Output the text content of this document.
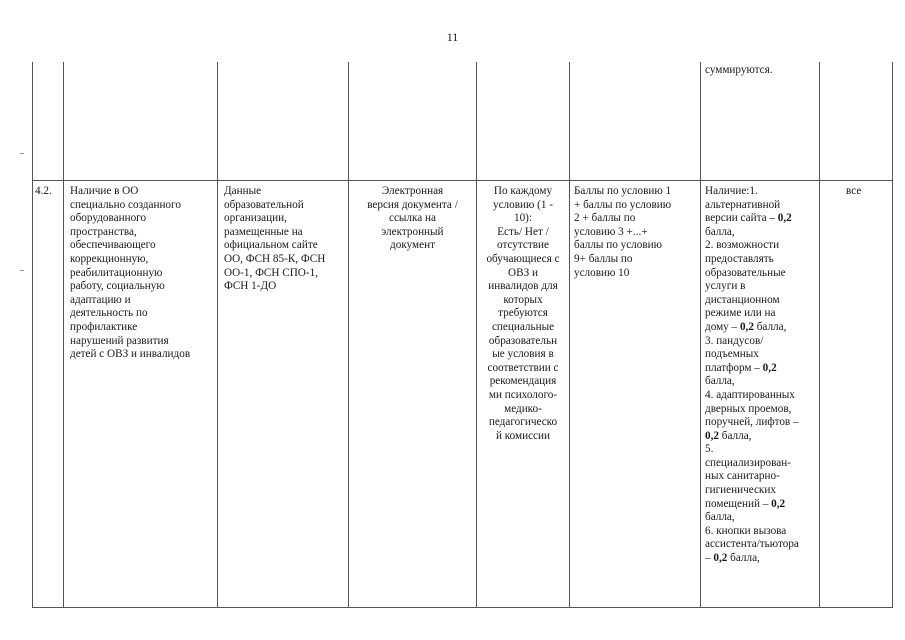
11
суммируются.
4.2.	Наличие в ОО
специально созданного
оборудованного
пространства,
обеспечивающего
коррекционную,
реабилитационную
работу, социальную
адаптацию и
деятельность по
профилактике
нарушений развития
детей с ОВЗ и инвалидов
Данные
образовательной
организации,
размещенные на
официальном сайте
ОО, ФСН 85-К, ФСН
ОО-1, ФСН СПО-1,
ФСН 1-ДО
Электронная
версия документа /
ссылка на
электронный
документ
По каждому
условию (1 -
10):
Есть/ Нет /
отсутствие
обучающиеся с
ОВЗ и
инвалидов для
которых
требуются
специальные
образовательн
ые условия в
соответствии с
рекомендация
ми психолого-
медико-
педагогическо
й комиссии
Баллы по условию 1
+ баллы по условию
2 + баллы по
условию 3 +...+
баллы по условию
9+ баллы по
условию 10
Наличие:1. альтернативной
версии сайта – 0,2
балла,
2. возможности
предоставлять
образовательные
услуги в
дистанционном
режиме или на
дому – 0,2 балла,
3. пандусов/
подъемных
платформ – 0,2
балла,
4. адаптированных
дверных проемов,
поручней, лифтов –
0,2 балла,
5.
специализирован-
ных санитарно-
гигиенических
помещений – 0,2
балла,
6. кнопки вызова
ассистента/тьютора
– 0,2 балла,
все
